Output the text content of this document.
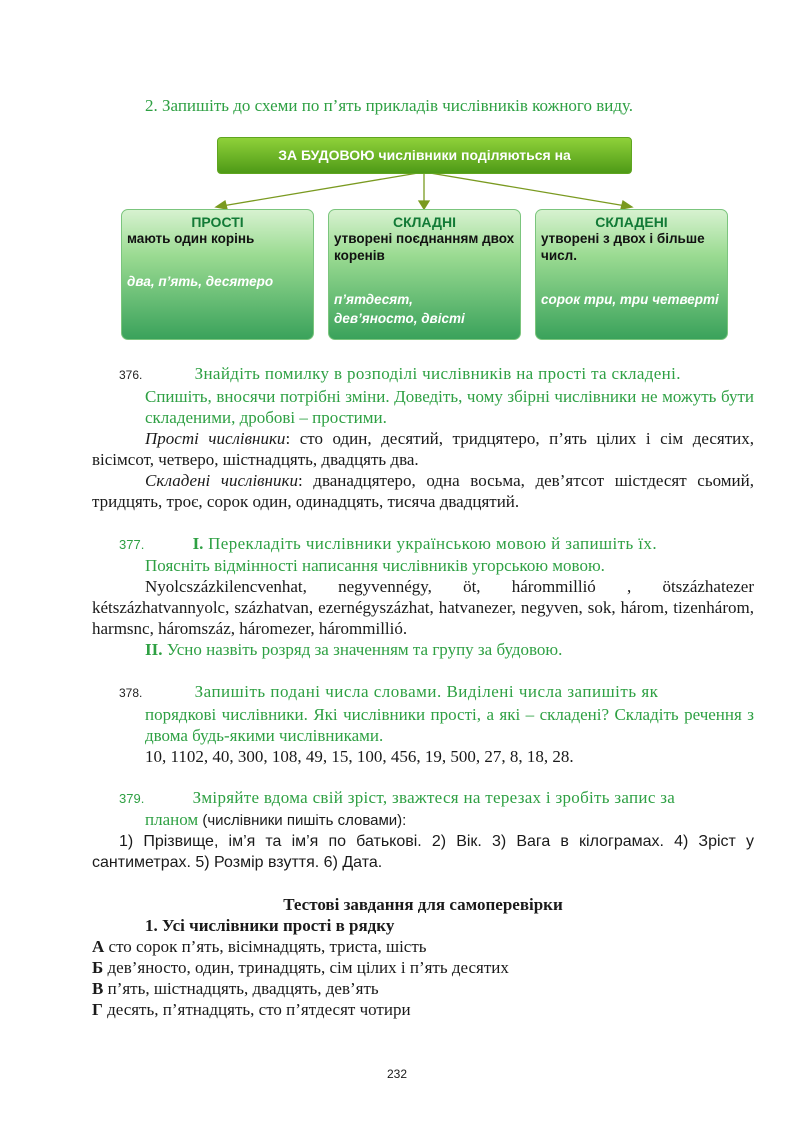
2. Запишіть до схеми по п’ять прикладів числівників кожного виду.
ЗА БУДОВОЮ числівники поділяються на
ПРОСТІ
мають один корінь
два, п’ять, десятеро
СКЛАДНІ
утворені поєднанням двох коренів
п’ятдесят,
дев’яносто, двісті
СКЛАДЕНІ
утворені з двох і більше числ.
сорок три, три четверті

376.	Знайдіть помилку в розподілі числівників на прості та складені.

Спишіть, вносячи потрібні зміни. Доведіть, чому збірні числівники не можуть бути складеними, дробові – простими.

Прості числівники: сто один, десятий, тридцятеро, п’ять цілих і сім десятих, вісімсот, четверо, шістнадцять, двадцять два.

Складені числівники: дванадцятеро, одна восьма, дев’ятсот шістдесят сьомий, тридцять, троє, сорок один, одинадцять, тисяча двадцятий.

377.	I. Перекладіть числівники українською мовою й запишіть їх.

Поясніть відмінності написання числівників угорською мовою.

Nyolcszázkilencvenhat, negyvennégy, öt, hárommillió , ötszázhatezer kétszázhatvannyolc, százhatvan, ezernégyszázhat, hatvanezer, negyven, sok, három, tizenhárom, harmsnc, háromszáz, háromezer, hárommillió.

II. Усно назвіть розряд за значенням та групу за будовою.

378.	Запишіть подані числа словами. Виділені числа запишіть як

порядкові числівники. Які числівники прості, а які – складені? Складіть речення з двома будь-якими числівниками.

10, 1102, 40, 300, 108, 49, 15, 100, 456, 19, 500, 27, 8, 18, 28.

379.	Зміряйте вдома свій зріст, зважтеся на терезах і зробіть запис за

планом (числівники пишіть словами):

1) Прізвище, ім’я та ім’я по батькові. 2) Вік. 3) Вага в кілограмах. 4) Зріст у сантиметрах. 5) Розмір взуття. 6) Дата.

Тестові завдання для самоперевірки

1. Усі числівники прості в рядку

А сто сорок п’ять, вісімнадцять, триста, шість

Б дев’яносто, один, тринадцять, сім цілих і п’ять десятих

В п’ять, шістнадцять, двадцять, дев’ять

Г десять, п’ятнадцять, сто п’ятдесят чотири

232
